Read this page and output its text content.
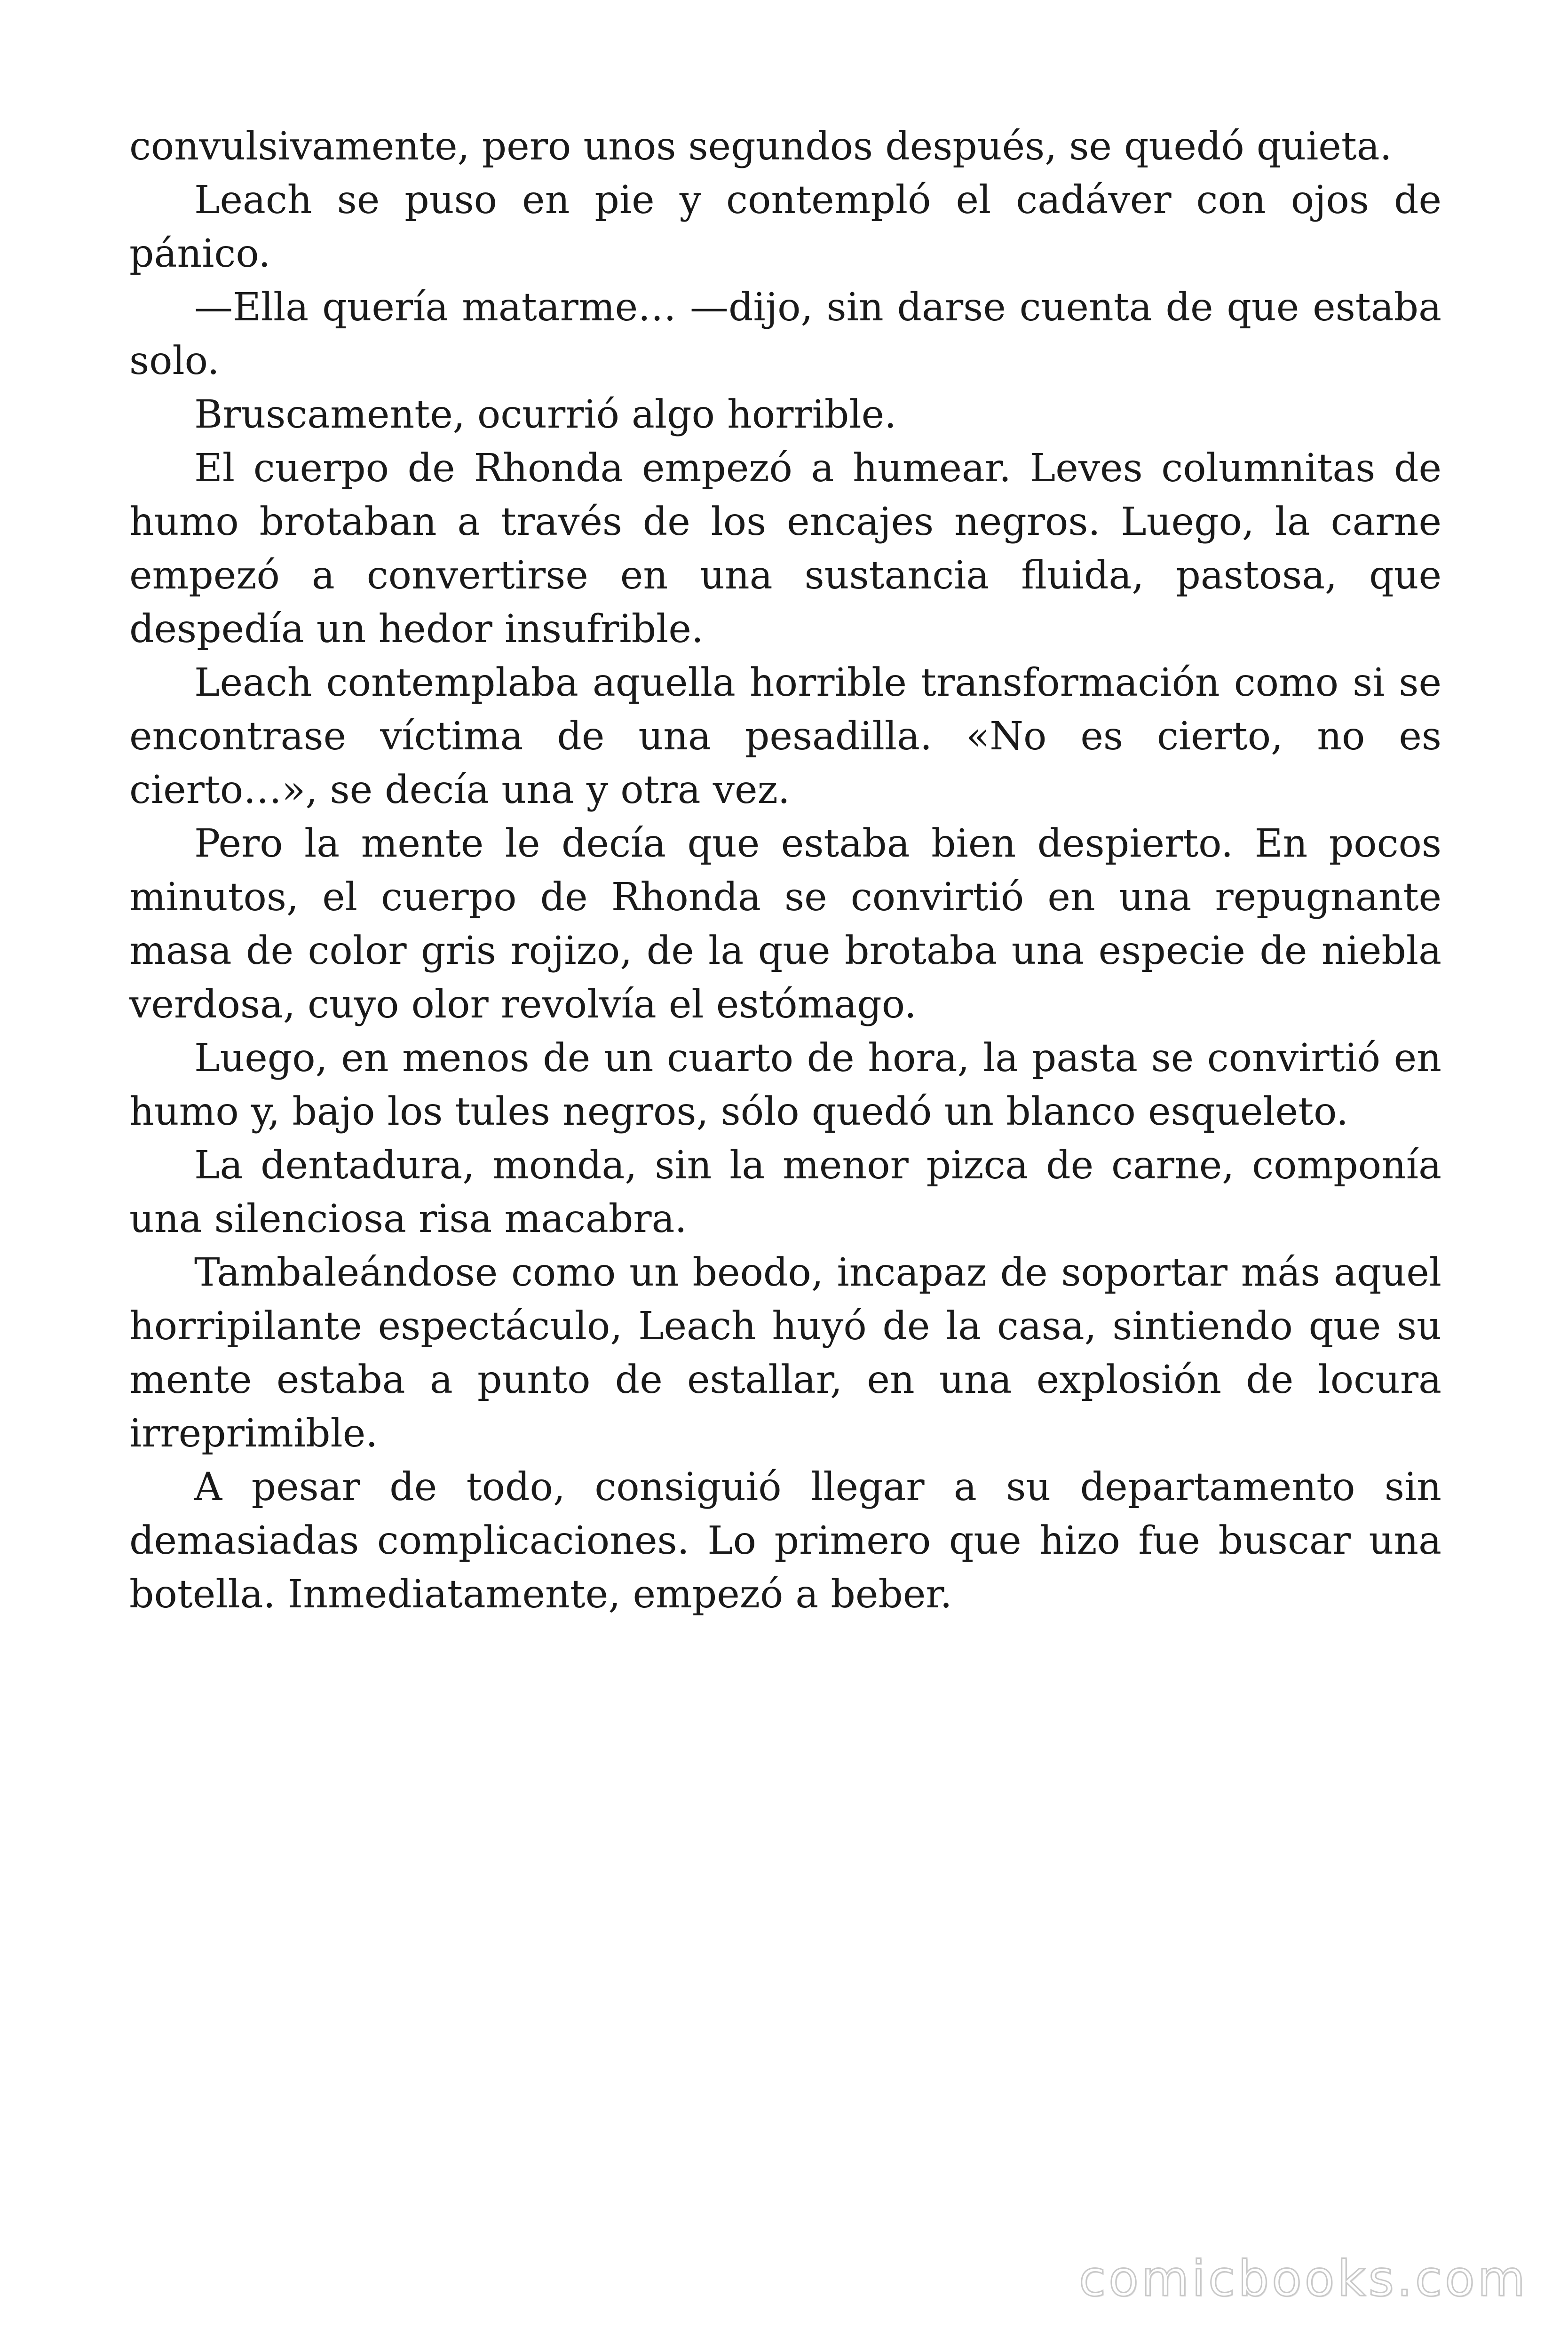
convulsivamente, pero unos segundos después, se quedó quieta.

Leach se puso en pie y contempló el cadáver con ojos de pánico.

—Ella quería matarme… —dijo, sin darse cuenta de que estaba solo.

Bruscamente, ocurrió algo horrible.

El cuerpo de Rhonda empezó a humear. Leves columnitas de humo brotaban a través de los encajes negros. Luego, la carne empezó a convertirse en una sustancia fluida, pastosa, que despedía un hedor insufrible.

Leach contemplaba aquella horrible transformación como si se encontrase víctima de una pesadilla. «No es cierto, no es cierto…», se decía una y otra vez.

Pero la mente le decía que estaba bien despierto. En pocos minutos, el cuerpo de Rhonda se convirtió en una repugnante masa de color gris rojizo, de la que brotaba una especie de niebla verdosa, cuyo olor revolvía el estómago.

Luego, en menos de un cuarto de hora, la pasta se convirtió en humo y, bajo los tules negros, sólo quedó un blanco esqueleto.

La dentadura, monda, sin la menor pizca de carne, componía una silenciosa risa macabra.

Tambaleándose como un beodo, incapaz de soportar más aquel horripilante espectáculo, Leach huyó de la casa, sintiendo que su mente estaba a punto de estallar, en una explosión de locura irreprimible.

A pesar de todo, consiguió llegar a su departamento sin demasiadas complicaciones. Lo primero que hizo fue buscar una botella. Inmediatamente, empezó a beber.

comicbooks.com
